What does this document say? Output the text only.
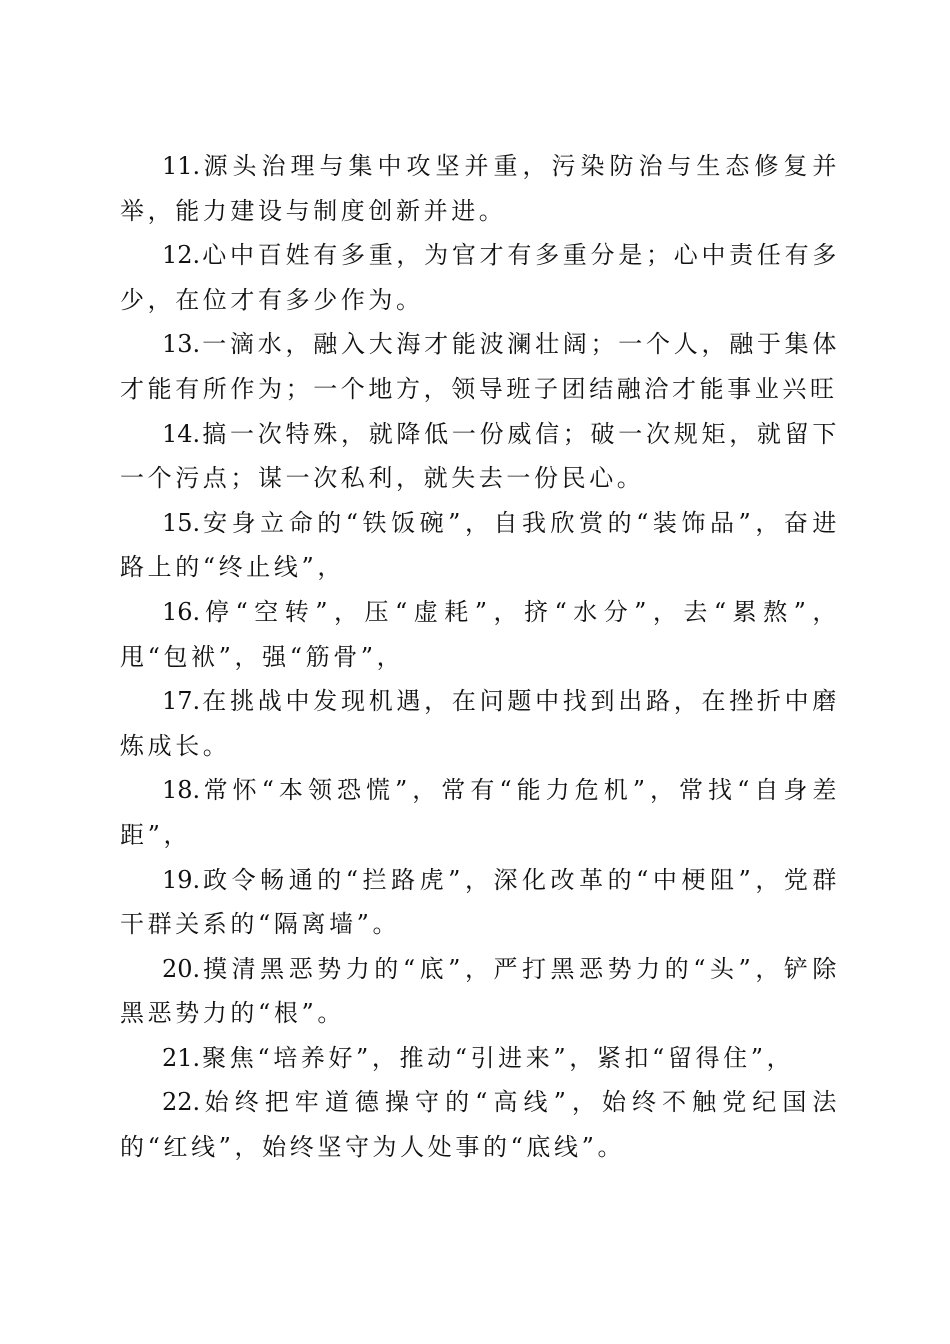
11.源头治理与集中攻坚并重，污染防治与生态修复并举，能力建设与制度创新并进。

12.心中百姓有多重，为官才有多重分是；心中责任有多少，在位才有多少作为。

13.一滴水，融入大海才能波澜壮阔；一个人，融于集体才能有所作为；一个地方，领导班子团结融洽才能事业兴旺

14.搞一次特殊，就降低一份威信；破一次规矩，就留下一个污点；谋一次私利，就失去一份民心。

15.安身立命的“铁饭碗”，自我欣赏的“装饰品”，奋进路上的“终止线”，

16.停“空转”，压“虚耗”，挤“水分”，去“累熬”，甩“包袱”，强“筋骨”，

17.在挑战中发现机遇，在问题中找到出路，在挫折中磨炼成长。

18.常怀“本领恐慌”，常有“能力危机”，常找“自身差距”，

19.政令畅通的“拦路虎”，深化改革的“中梗阻”，党群干群关系的“隔离墙”。

20.摸清黑恶势力的“底”，严打黑恶势力的“头”，铲除黑恶势力的“根”。

21.聚焦“培养好”，推动“引进来”，紧扣“留得住”，

22.始终把牢道德操守的“高线”，始终不触党纪国法的“红线”，始终坚守为人处事的“底线”。
